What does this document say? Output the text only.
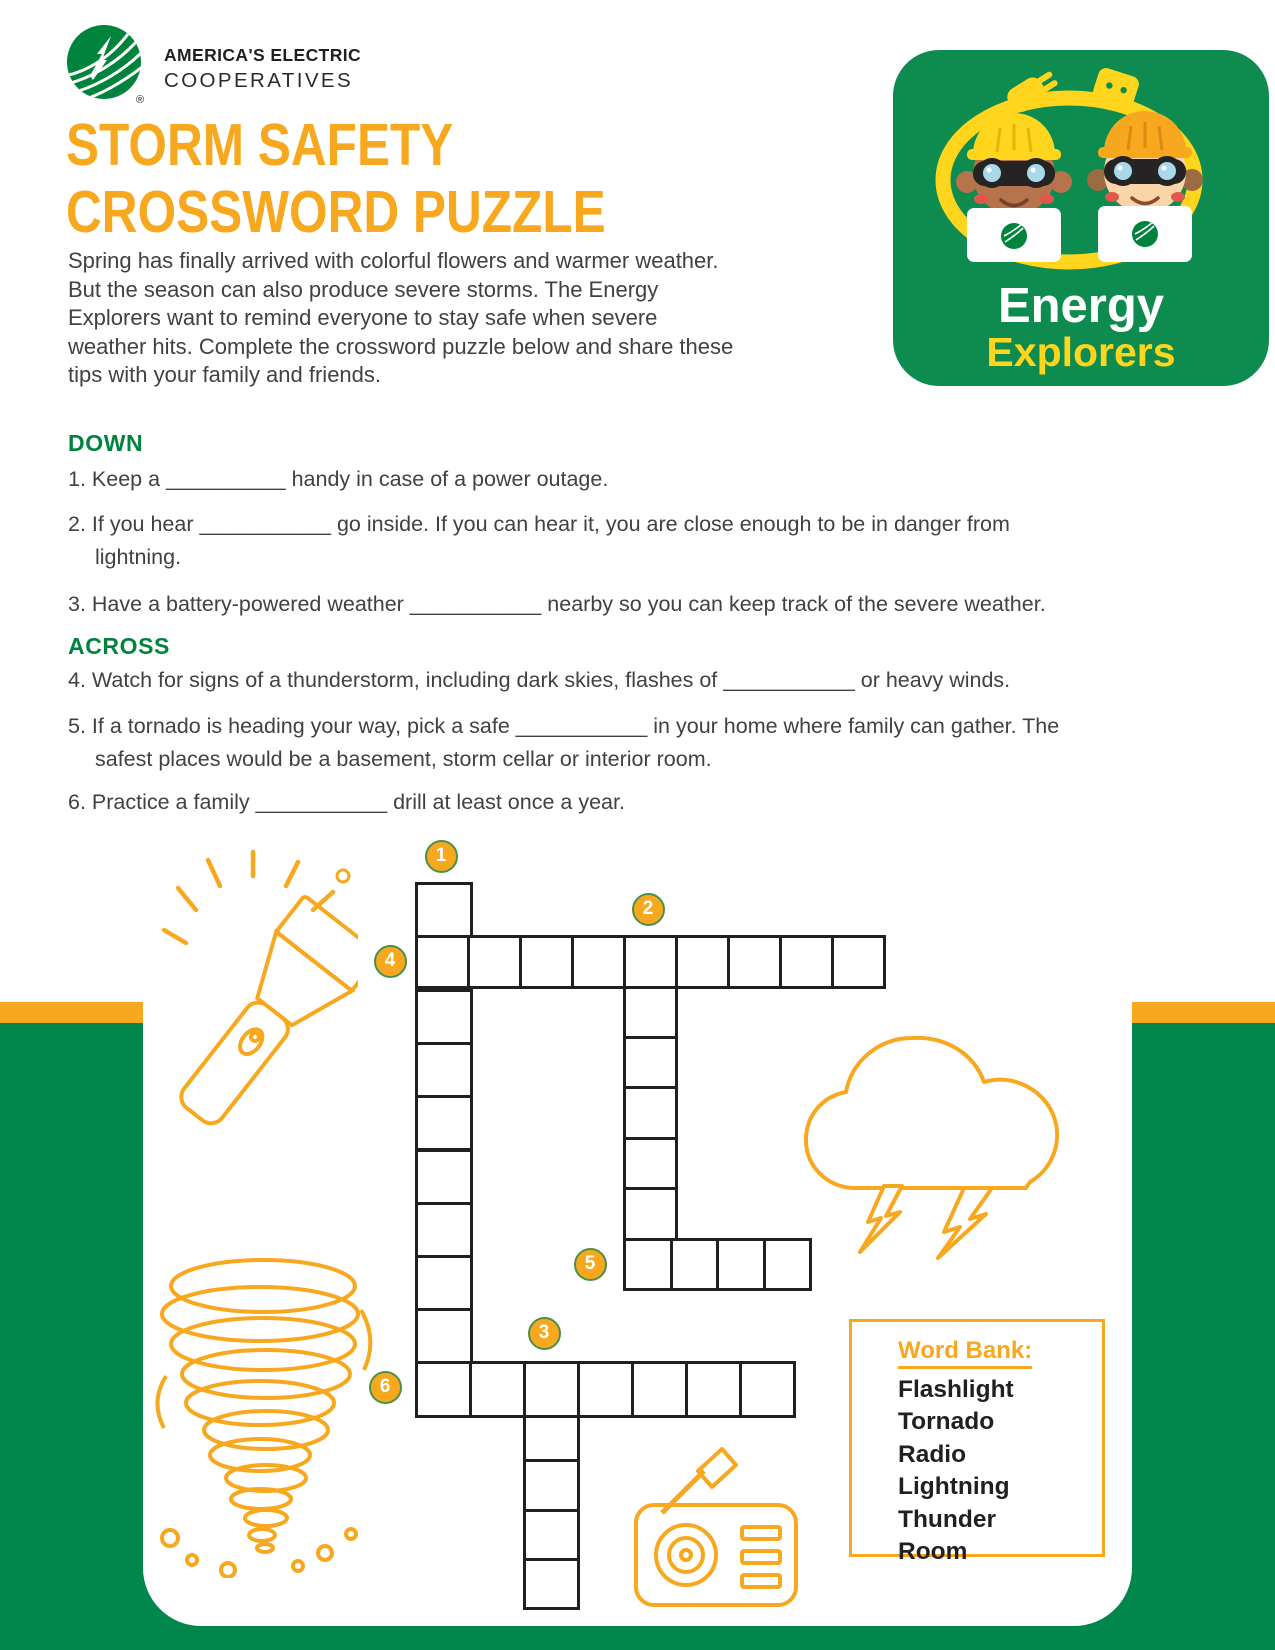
®
AMERICA'S ELECTRIC
COOPERATIVES
Energy
Explorers
STORM SAFETY
CROSSWORD PUZZLE
Spring has finally arrived with colorful flowers and warmer weather. But the season can also produce severe storms. The Energy Explorers want to remind everyone to stay safe when severe weather hits. Complete the crossword puzzle below and share these tips with your family and friends.
DOWN
1. Keep a __________ handy in case of a power outage.
2. If you hear ___________ go inside. If you can hear it, you are close enough to be in danger from lightning.
3. Have a battery-powered weather ___________ nearby so you can keep track of the severe weather.
ACROSS
4. Watch for signs of a thunderstorm, including dark skies, flashes of ___________ or heavy winds.
5. If a tornado is heading your way, pick a safe ___________ in your home where family can gather. The safest places would be a basement, storm cellar or interior room.
6. Practice a family ___________ drill at least once a year.
1
2
3
4
5
6
Word Bank:
Flashlight
Tornado
Radio
Lightning
Thunder
Room
